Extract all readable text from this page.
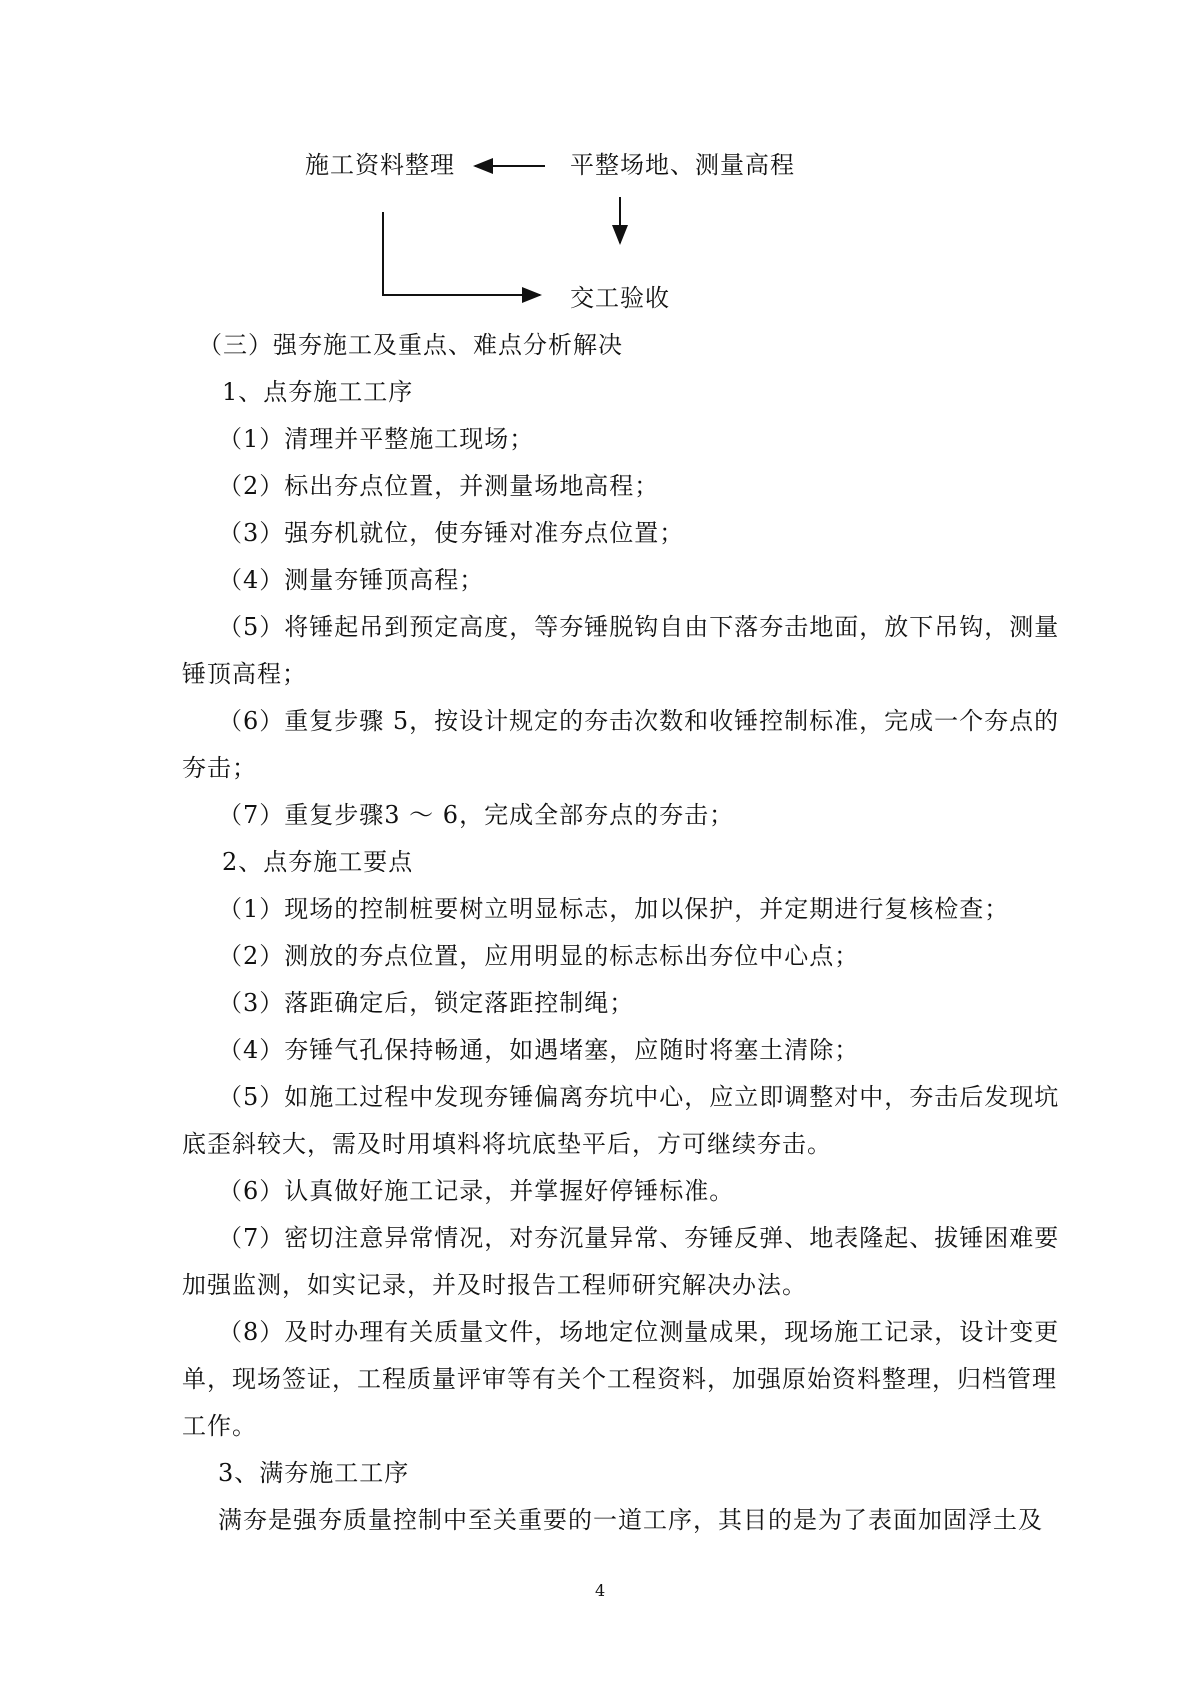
施工资料整理	平整场地、测量高程
交工验收
（三）强夯施工及重点、难点分析解决
1、点夯施工工序
（1）清理并平整施工现场；
（2）标出夯点位置，并测量场地高程；
（3）强夯机就位，使夯锤对准夯点位置；
（4）测量夯锤顶高程；
（5）将锤起吊到预定高度，等夯锤脱钩自由下落夯击地面，放下吊钩，测量
锤顶高程；
（6）重复步骤 5，按设计规定的夯击次数和收锤控制标准，完成一个夯点的
夯击；
（7）重复步骤3 ～ 6，完成全部夯点的夯击；
2、点夯施工要点
（1）现场的控制桩要树立明显标志，加以保护，并定期进行复核检查；
（2）测放的夯点位置，应用明显的标志标出夯位中心点；
（3）落距确定后，锁定落距控制绳；
（4）夯锤气孔保持畅通，如遇堵塞，应随时将塞土清除；
（5）如施工过程中发现夯锤偏离夯坑中心，应立即调整对中，夯击后发现坑
底歪斜较大，需及时用填料将坑底垫平后，方可继续夯击。
（6）认真做好施工记录，并掌握好停锤标准。
（7）密切注意异常情况，对夯沉量异常、夯锤反弹、地表隆起、拔锤困难要
加强监测，如实记录，并及时报告工程师研究解决办法。
（8）及时办理有关质量文件，场地定位测量成果，现场施工记录，设计变更
单，现场签证，工程质量评审等有关个工程资料，加强原始资料整理，归档管理
工作。
3、满夯施工工序
满夯是强夯质量控制中至关重要的一道工序，其目的是为了表面加固浮土及
4
